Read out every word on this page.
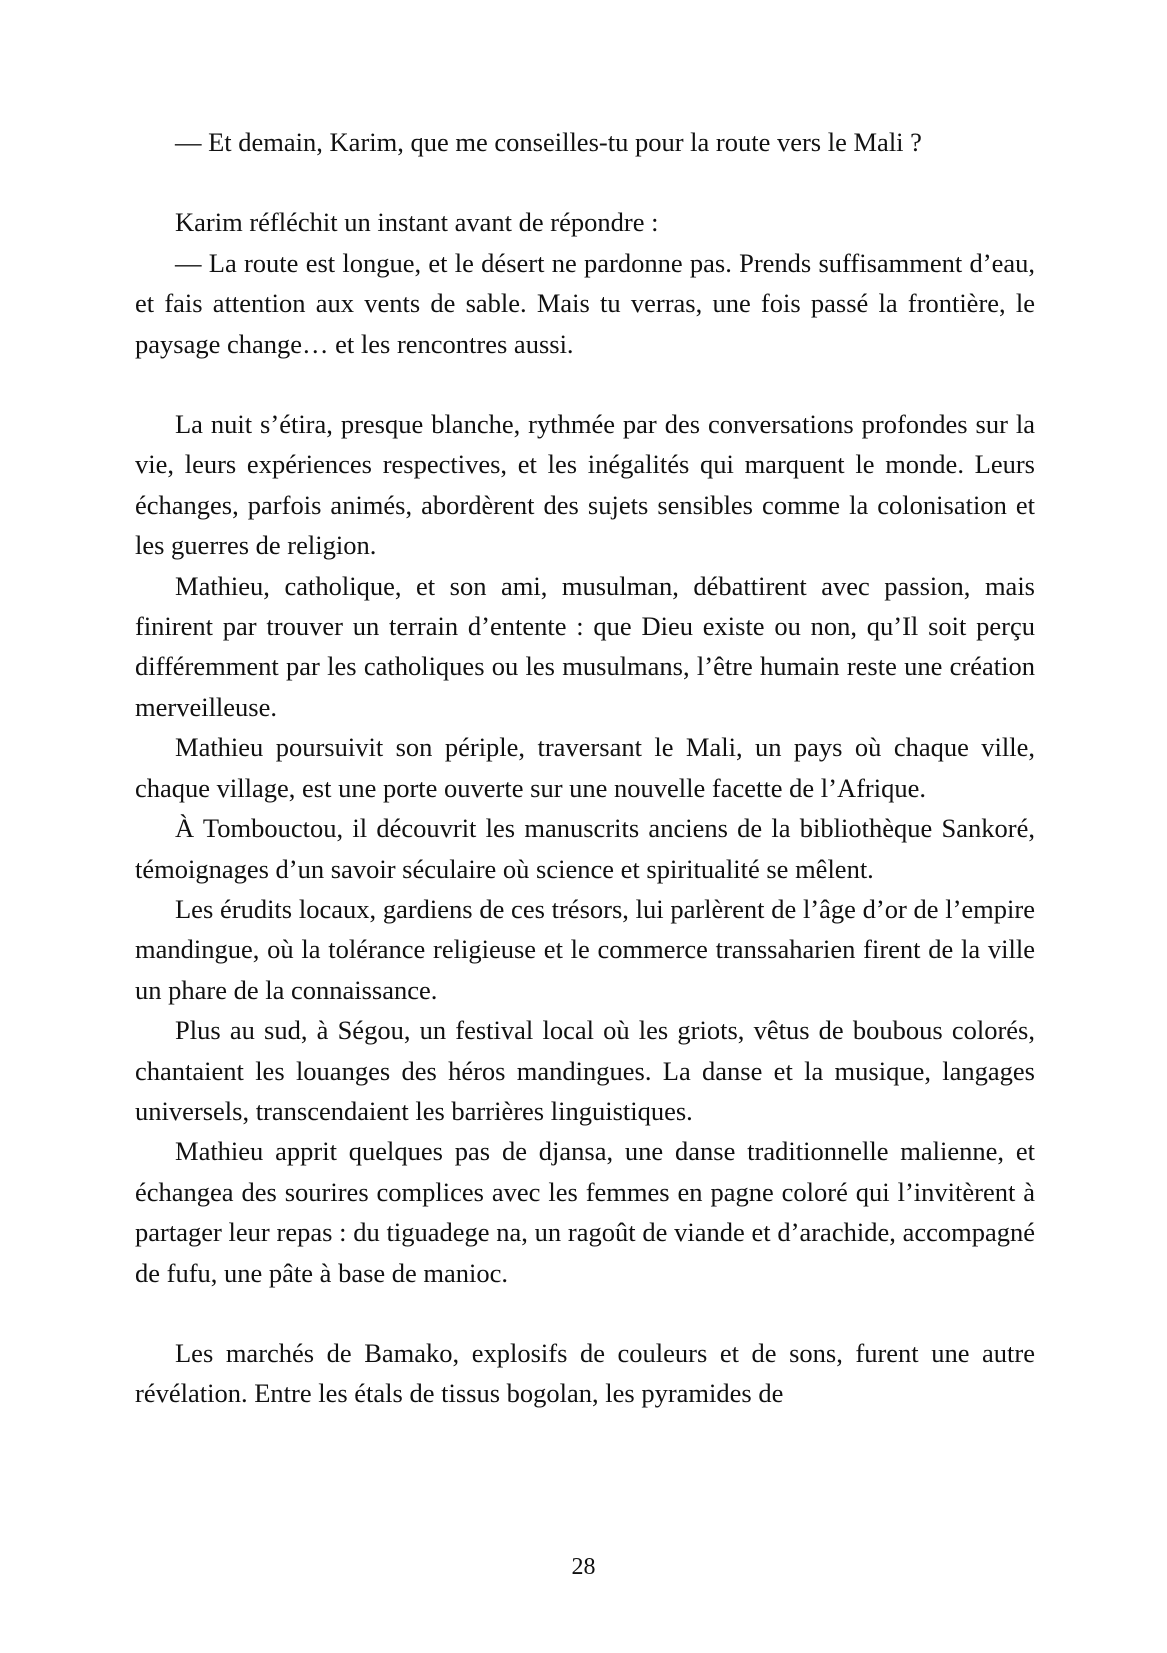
— Et demain, Karim, que me conseilles-tu pour la route vers le Mali ?

Karim réfléchit un instant avant de répondre :

— La route est longue, et le désert ne pardonne pas. Prends suffisamment d’eau, et fais attention aux vents de sable. Mais tu verras, une fois passé la frontière, le paysage change… et les rencontres aussi.

La nuit s’étira, presque blanche, rythmée par des conversations profondes sur la vie, leurs expériences respectives, et les inégalités qui marquent le monde. Leurs échanges, parfois animés, abordèrent des sujets sensibles comme la colonisation et les guerres de religion.

Mathieu, catholique, et son ami, musulman, débattirent avec passion, mais finirent par trouver un terrain d’entente : que Dieu existe ou non, qu’Il soit perçu différemment par les catholiques ou les musulmans, l’être humain reste une création merveilleuse.

Mathieu poursuivit son périple, traversant le Mali, un pays où chaque ville, chaque village, est une porte ouverte sur une nouvelle facette de l’Afrique.

À Tombouctou, il découvrit les manuscrits anciens de la bibliothèque Sankoré, témoignages d’un savoir séculaire où science et spiritualité se mêlent.

Les érudits locaux, gardiens de ces trésors, lui parlèrent de l’âge d’or de l’empire mandingue, où la tolérance religieuse et le commerce transsaharien firent de la ville un phare de la connaissance.

Plus au sud, à Ségou, un festival local où les griots, vêtus de boubous colorés, chantaient les louanges des héros mandingues. La danse et la musique, langages universels, transcendaient les barrières linguistiques.

Mathieu apprit quelques pas de djansa, une danse traditionnelle malienne, et échangea des sourires complices avec les femmes en pagne coloré qui l’invitèrent à partager leur repas : du tiguadege na, un ragoût de viande et d’arachide, accompagné de fufu, une pâte à base de manioc.

Les marchés de Bamako, explosifs de couleurs et de sons, furent une autre révélation. Entre les étals de tissus bogolan, les pyramides de

28
